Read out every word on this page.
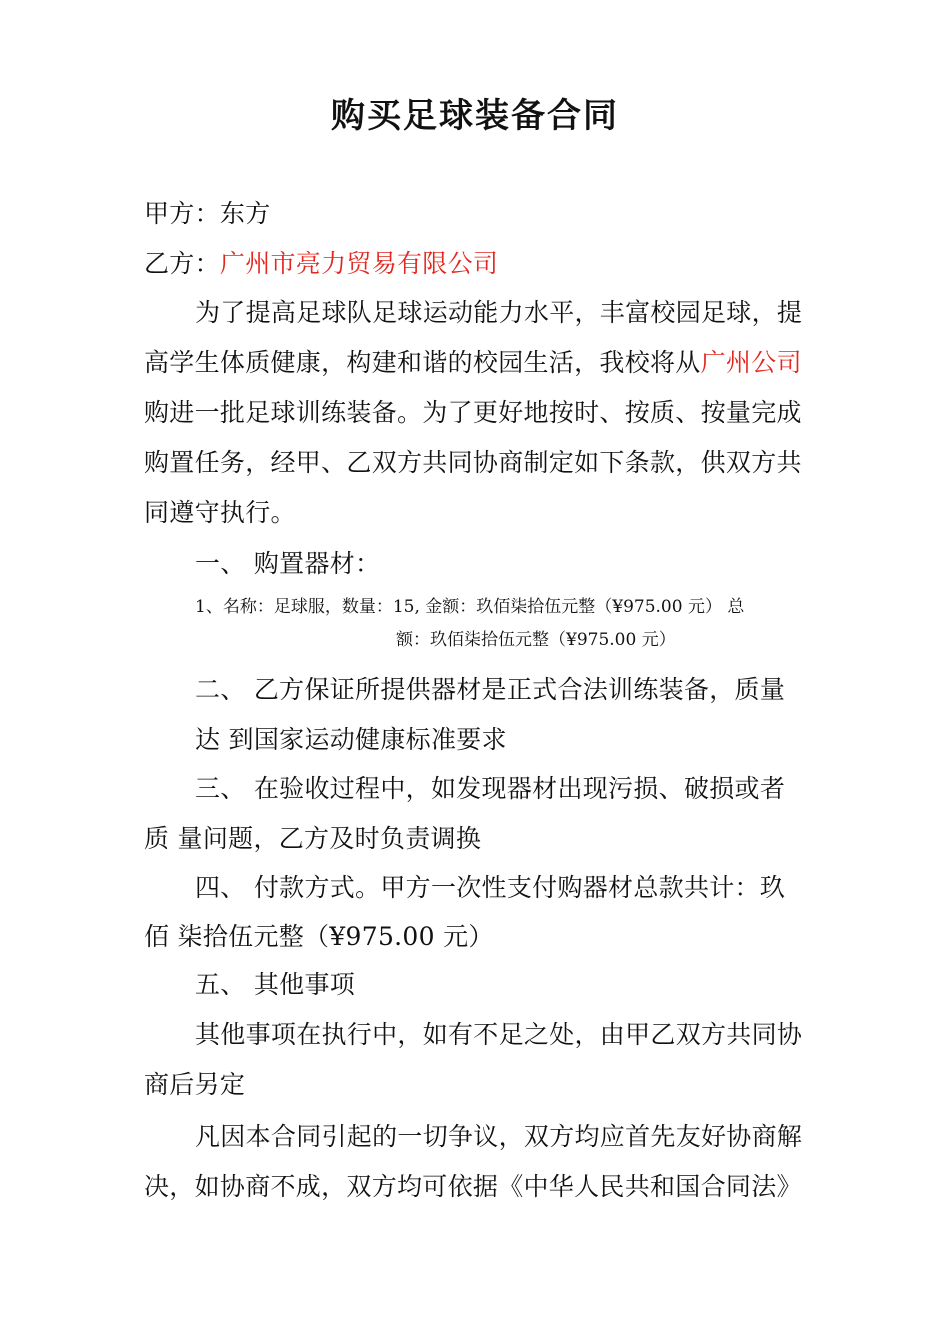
购买足球装备合同
甲方：东方
乙方：广州市亮力贸易有限公司
为了提高足球队足球运动能力水平，丰富校园足球，提
高学生体质健康，构建和谐的校园生活，我校将从广州公司
购进一批足球训练装备。为了更好地按时、按质、按量完成
购置任务，经甲、乙双方共同协商制定如下条款，供双方共
同遵守执行。
一、 购置器材：
1、名称：足球服，数量：15, 金额：玖佰柒拾伍元整（¥975.00 元） 总
额：玖佰柒拾伍元整（¥975.00 元）
二、 乙方保证所提供器材是正式合法训练装备，质量
达 到国家运动健康标准要求
三、 在验收过程中，如发现器材出现污损、破损或者
质 量问题，乙方及时负责调换
四、 付款方式。甲方一次性支付购器材总款共计：玖
佰 柒拾伍元整（¥975.00 元）
五、 其他事项
其他事项在执行中，如有不足之处，由甲乙双方共同协
商后另定
凡因本合同引起的一切争议，双方均应首先友好协商解
决，如协商不成，双方均可依据《中华人民共和国合同法》
